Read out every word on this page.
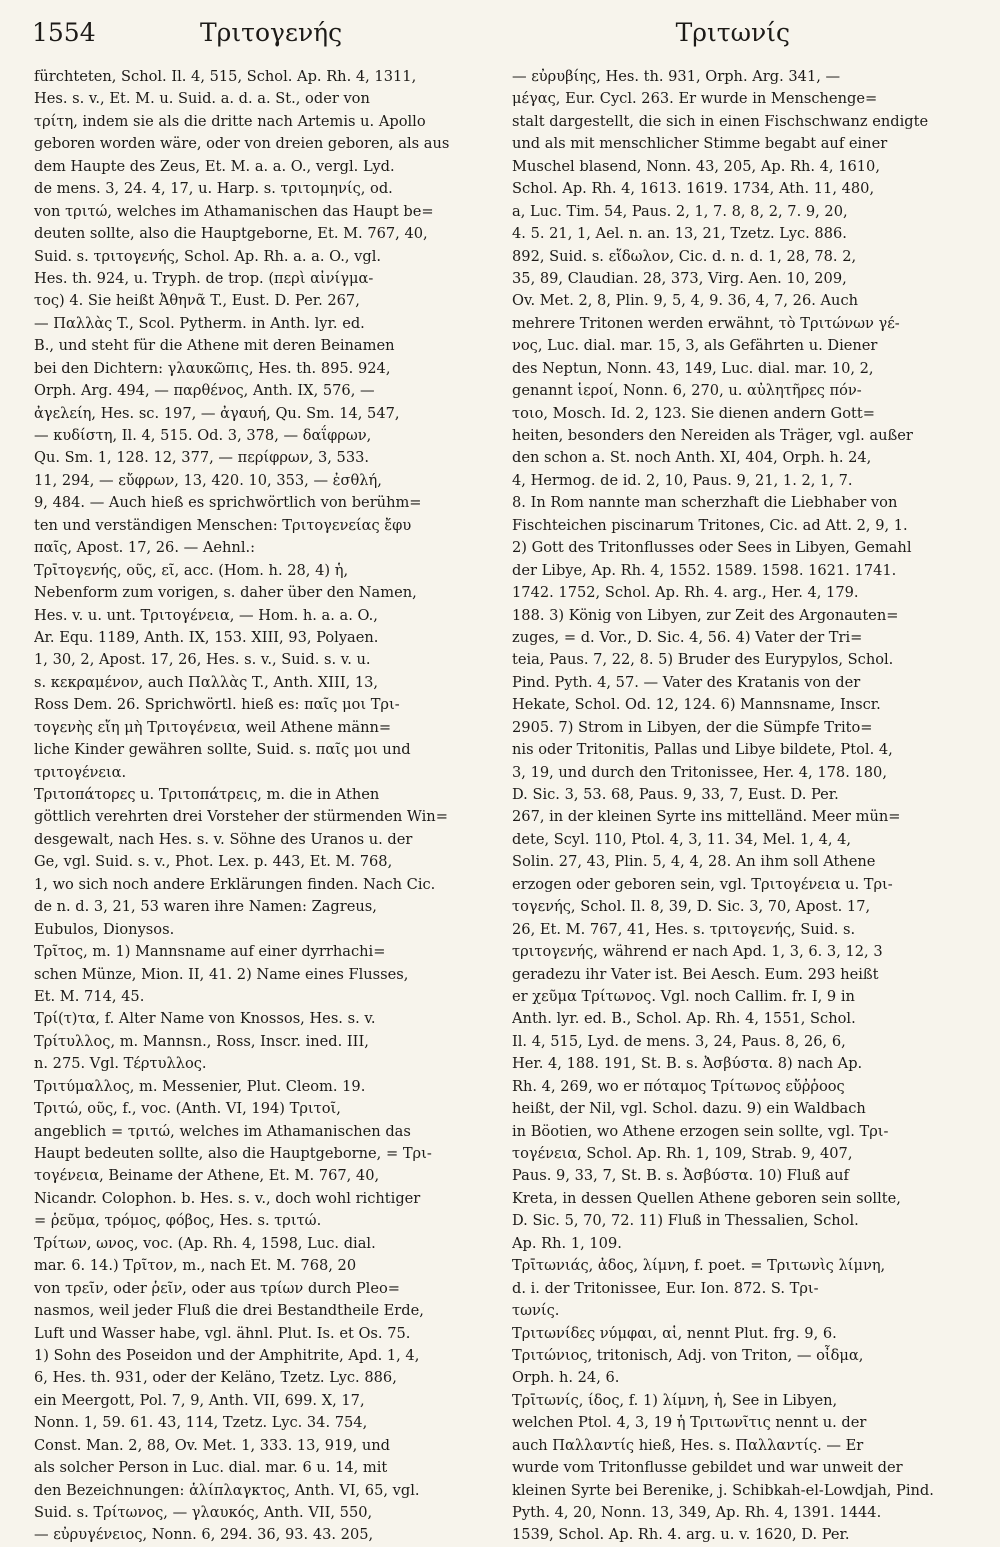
1554	Τριτογενής	Τριτωνίς
fürchteten, Schol. Il. 4, 515, Schol. Ap. Rh. 4, 1311,
Hes. s. v., Et. M. u. Suid. a. d. a. St., oder von
τρίτη, indem sie als die dritte nach Artemis u. Apollo
geboren worden wäre, oder von dreien geboren, als aus
dem Haupte des Zeus, Et. M. a. a. O., vergl. Lyd.
de mens. 3, 24. 4, 17, u. Harp. s. τριτομηνίς, od.
von τριτώ, welches im Athamanischen das Haupt be=
deuten sollte, also die Hauptgeborne, Et. M. 767, 40,
Suid. s. τριτογενής, Schol. Ap. Rh. a. a. O., vgl.
Hes. th. 924, u. Tryph. de trop. (περὶ αἰνίγμα-
τος) 4. Sie heißt Ἀθηνᾶ T., Eust. D. Per. 267,
— Παλλὰς T., Scol. Pytherm. in Anth. lyr. ed.
B., und steht für die Athene mit deren Beinamen
bei den Dichtern: γλαυκῶπις, Hes. th. 895. 924,
Orph. Arg. 494, — παρθένος, Anth. IX, 576, —
ἀγελείη, Hes. sc. 197, — ἀγαυή, Qu. Sm. 14, 547,
— κυδίστη, Il. 4, 515. Od. 3, 378, — δαΐφρων,
Qu. Sm. 1, 128. 12, 377, — περίφρων, 3, 533.
11, 294, — εὔφρων, 13, 420. 10, 353, — ἐσθλή,
9, 484. — Auch hieß es sprichwörtlich von berühm=
ten und verständigen Menschen: Τριτογενείας ἔφυ
παῖς, Apost. 17, 26. — Aehnl.:
Τρῑτογενής, οῦς, εῖ, acc. (Hom. h. 28, 4) ἡ,
Nebenform zum vorigen, s. daher über den Namen,
Hes. v. u. unt. Τριτογένεια, — Hom. h. a. a. O.,
Ar. Equ. 1189, Anth. IX, 153. XIII, 93, Polyaen.
1, 30, 2, Apost. 17, 26, Hes. s. v., Suid. s. v. u.
s. κεκραμένον, auch Παλλὰς T., Anth. XIII, 13,
Ross Dem. 26. Sprichwörtl. hieß es: παῖς μοι Τρι-
τογενὴς εἴη μὴ Τριτογένεια, weil Athene männ=
liche Kinder gewähren sollte, Suid. s. παῖς μοι und
τριτογένεια.
Τριτοπάτορες u. Τριτοπάτρεις, m. die in Athen
göttlich verehrten drei Vorsteher der stürmenden Win=
desgewalt, nach Hes. s. v. Söhne des Uranos u. der
Ge, vgl. Suid. s. v., Phot. Lex. p. 443, Et. M. 768,
1, wo sich noch andere Erklärungen finden. Nach Cic.
de n. d. 3, 21, 53 waren ihre Namen: Zagreus,
Eubulos, Dionysos.
Τρῖτος, m. 1) Mannsname auf einer dyrrhachi=
schen Münze, Mion. II, 41. 2) Name eines Flusses,
Et. M. 714, 45.
Τρί(τ)τα, f. Alter Name von Knossos, Hes. s. v.
Τρίτυλλος, m. Mannsn., Ross, Inscr. ined. III,
n. 275. Vgl. Τέρτυλλος.
Τριτύμαλλος, m. Messenier, Plut. Cleom. 19.
Τριτώ, οῦς, f., voc. (Anth. VI, 194) Τριτοῖ,
angeblich = τριτώ, welches im Athamanischen das
Haupt bedeuten sollte, also die Hauptgeborne, = Τρι-
τογένεια, Beiname der Athene, Et. M. 767, 40,
Nicandr. Colophon. b. Hes. s. v., doch wohl richtiger
= ῥεῦμα, τρόμος, φόβος, Hes. s. τριτώ.
Τρίτων, ωνος, voc. (Ap. Rh. 4, 1598, Luc. dial.
mar. 6. 14.) Τρῖτον, m., nach Et. M. 768, 20
von τρεῖν, oder ῥεῖν, oder aus τρίων durch Pleo=
nasmos, weil jeder Fluß die drei Bestandtheile Erde,
Luft und Wasser habe, vgl. ähnl. Plut. Is. et Os. 75.
1) Sohn des Poseidon und der Amphitrite, Apd. 1, 4,
6, Hes. th. 931, oder der Keläno, Tzetz. Lyc. 886,
ein Meergott, Pol. 7, 9, Anth. VII, 699. X, 17,
Nonn. 1, 59. 61. 43, 114, Tzetz. Lyc. 34. 754,
Const. Man. 2, 88, Ov. Met. 1, 333. 13, 919, und
als solcher Person in Luc. dial. mar. 6 u. 14, mit
den Bezeichnungen: ἁλίπλαγκτος, Anth. VI, 65, vgl.
Suid. s. Τρίτωνος, — γλαυκός, Anth. VII, 550,
— εὐρυγένειος, Nonn. 6, 294. 36, 93. 43. 205,
— εὐρυβίης, Hes. th. 931, Orph. Arg. 341, —
μέγας, Eur. Cycl. 263. Er wurde in Menschenge=
stalt dargestellt, die sich in einen Fischschwanz endigte
und als mit menschlicher Stimme begabt auf einer
Muschel blasend, Nonn. 43, 205, Ap. Rh. 4, 1610,
Schol. Ap. Rh. 4, 1613. 1619. 1734, Ath. 11, 480,
a, Luc. Tim. 54, Paus. 2, 1, 7. 8, 8, 2, 7. 9, 20,
4. 5. 21, 1, Ael. n. an. 13, 21, Tzetz. Lyc. 886.
892, Suid. s. εἴδωλον, Cic. d. n. d. 1, 28, 78. 2,
35, 89, Claudian. 28, 373, Virg. Aen. 10, 209,
Ov. Met. 2, 8, Plin. 9, 5, 4, 9. 36, 4, 7, 26. Auch
mehrere Tritonen werden erwähnt, τὸ Τριτώνων γέ-
νος, Luc. dial. mar. 15, 3, als Gefährten u. Diener
des Neptun, Nonn. 43, 149, Luc. dial. mar. 10, 2,
genannt ἱεροί, Nonn. 6, 270, u. αὐλητῆρες πόν-
τοιο, Mosch. Id. 2, 123. Sie dienen andern Gott=
heiten, besonders den Nereiden als Träger, vgl. außer
den schon a. St. noch Anth. XI, 404, Orph. h. 24,
4, Hermog. de id. 2, 10, Paus. 9, 21, 1. 2, 1, 7.
8. In Rom nannte man scherzhaft die Liebhaber von
Fischteichen piscinarum Tritones, Cic. ad Att. 2, 9, 1.
2) Gott des Tritonflusses oder Sees in Libyen, Gemahl
der Libye, Ap. Rh. 4, 1552. 1589. 1598. 1621. 1741.
1742. 1752, Schol. Ap. Rh. 4. arg., Her. 4, 179.
188. 3) König von Libyen, zur Zeit des Argonauten=
zuges, = d. Vor., D. Sic. 4, 56. 4) Vater der Tri=
teia, Paus. 7, 22, 8. 5) Bruder des Eurypylos, Schol.
Pind. Pyth. 4, 57. — Vater des Kratanis von der
Hekate, Schol. Od. 12, 124. 6) Mannsname, Inscr.
2905. 7) Strom in Libyen, der die Sümpfe Trito=
nis oder Tritonitis, Pallas und Libye bildete, Ptol. 4,
3, 19, und durch den Tritonissee, Her. 4, 178. 180,
D. Sic. 3, 53. 68, Paus. 9, 33, 7, Eust. D. Per.
267, in der kleinen Syrte ins mittelländ. Meer mün=
dete, Scyl. 110, Ptol. 4, 3, 11. 34, Mel. 1, 4, 4,
Solin. 27, 43, Plin. 5, 4, 4, 28. An ihm soll Athene
erzogen oder geboren sein, vgl. Τριτογένεια u. Τρι-
τογενής, Schol. Il. 8, 39, D. Sic. 3, 70, Apost. 17,
26, Et. M. 767, 41, Hes. s. τριτογενής, Suid. s.
τριτογενής, während er nach Apd. 1, 3, 6. 3, 12, 3
geradezu ihr Vater ist. Bei Aesch. Eum. 293 heißt
er χεῦμα Τρίτωνος. Vgl. noch Callim. fr. I, 9 in
Anth. lyr. ed. B., Schol. Ap. Rh. 4, 1551, Schol.
Il. 4, 515, Lyd. de mens. 3, 24, Paus. 8, 26, 6,
Her. 4, 188. 191, St. B. s. Ἀσβύστα. 8) nach Ap.
Rh. 4, 269, wo er πόταμος Τρίτωνος εὔῤῥοος
heißt, der Nil, vgl. Schol. dazu. 9) ein Waldbach
in Böotien, wo Athene erzogen sein sollte, vgl. Τρι-
τογένεια, Schol. Ap. Rh. 1, 109, Strab. 9, 407,
Paus. 9, 33, 7, St. B. s. Ἀσβύστα. 10) Fluß auf
Kreta, in dessen Quellen Athene geboren sein sollte,
D. Sic. 5, 70, 72. 11) Fluß in Thessalien, Schol.
Ap. Rh. 1, 109.
Τρῑτωνιάς, ἀδος, λίμνη, f. poet. = Τριτωνὶς λίμνη,
d. i. der Tritonissee, Eur. Ion. 872. S. Τρι-
τωνίς.
Τριτωνίδες νύμφαι, αἱ, nennt Plut. frg. 9, 6.
Τριτώνιος, tritonisch, Adj. von Triton, — οἶδμα,
Orph. h. 24, 6.
Τρῑτωνίς, ίδος, f. 1) λίμνη, ἡ, See in Libyen,
welchen Ptol. 4, 3, 19 ἡ Τριτωνῖτις nennt u. der
auch Παλλαντίς hieß, Hes. s. Παλλαντίς. — Er
wurde vom Tritonflusse gebildet und war unweit der
kleinen Syrte bei Berenike, j. Schibkah-el-Lowdjah, Pind.
Pyth. 4, 20, Nonn. 13, 349, Ap. Rh. 4, 1391. 1444.
1539, Schol. Ap. Rh. 4. arg. u. v. 1620, D. Per.
